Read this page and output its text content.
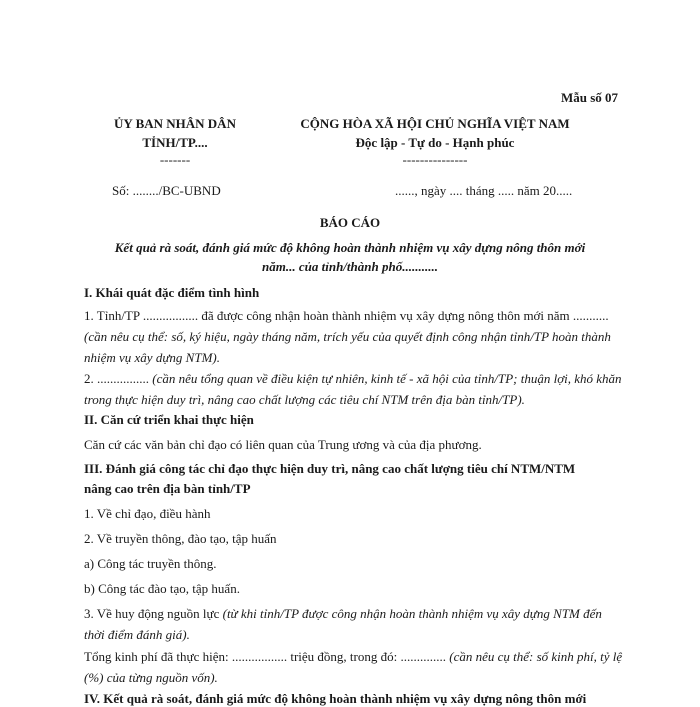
Mẫu số 07
ỦY BAN NHÂN DÂN
TỈNH/TP....
-------
CỘNG HÒA XÃ HỘI CHỦ NGHĨA VIỆT NAM
Độc lập - Tự do - Hạnh phúc
---------------
Số: ......../BC-UBND	......, ngày .... tháng ..... năm 20.....
BÁO CÁO
Kết quả rà soát, đánh giá mức độ không hoàn thành nhiệm vụ xây dựng nông thôn mới
năm... của tỉnh/thành phố...........
I. Khái quát đặc điểm tình hình
1. Tỉnh/TP ................. đã được công nhận hoàn thành nhiệm vụ xây dựng nông thôn mới năm ........... (cần nêu cụ thể: số, ký hiệu, ngày tháng năm, trích yếu của quyết định công nhận tỉnh/TP hoàn thành nhiệm vụ xây dựng NTM).
2. ................ (cần nêu tổng quan về điều kiện tự nhiên, kinh tế - xã hội của tỉnh/TP; thuận lợi, khó khăn trong thực hiện duy trì, nâng cao chất lượng các tiêu chí NTM trên địa bàn tỉnh/TP).
II. Căn cứ triển khai thực hiện
Căn cứ các văn bản chỉ đạo có liên quan của Trung ương và của địa phương.
III. Đánh giá công tác chỉ đạo thực hiện duy trì, nâng cao chất lượng tiêu chí NTM/NTM
nâng cao trên địa bàn tỉnh/TP
1. Về chỉ đạo, điều hành
2. Về truyền thông, đào tạo, tập huấn
a) Công tác truyền thông.
b) Công tác đào tạo, tập huấn.
3. Về huy động nguồn lực (từ khi tỉnh/TP được công nhận hoàn thành nhiệm vụ xây dựng NTM đến thời điểm đánh giá).
Tổng kinh phí đã thực hiện: ................. triệu đồng, trong đó: .............. (cần nêu cụ thể: số kinh phí, tỷ lệ (%) của từng nguồn vốn).
IV. Kết quả rà soát, đánh giá mức độ không hoàn thành nhiệm vụ xây dựng nông thôn mới
